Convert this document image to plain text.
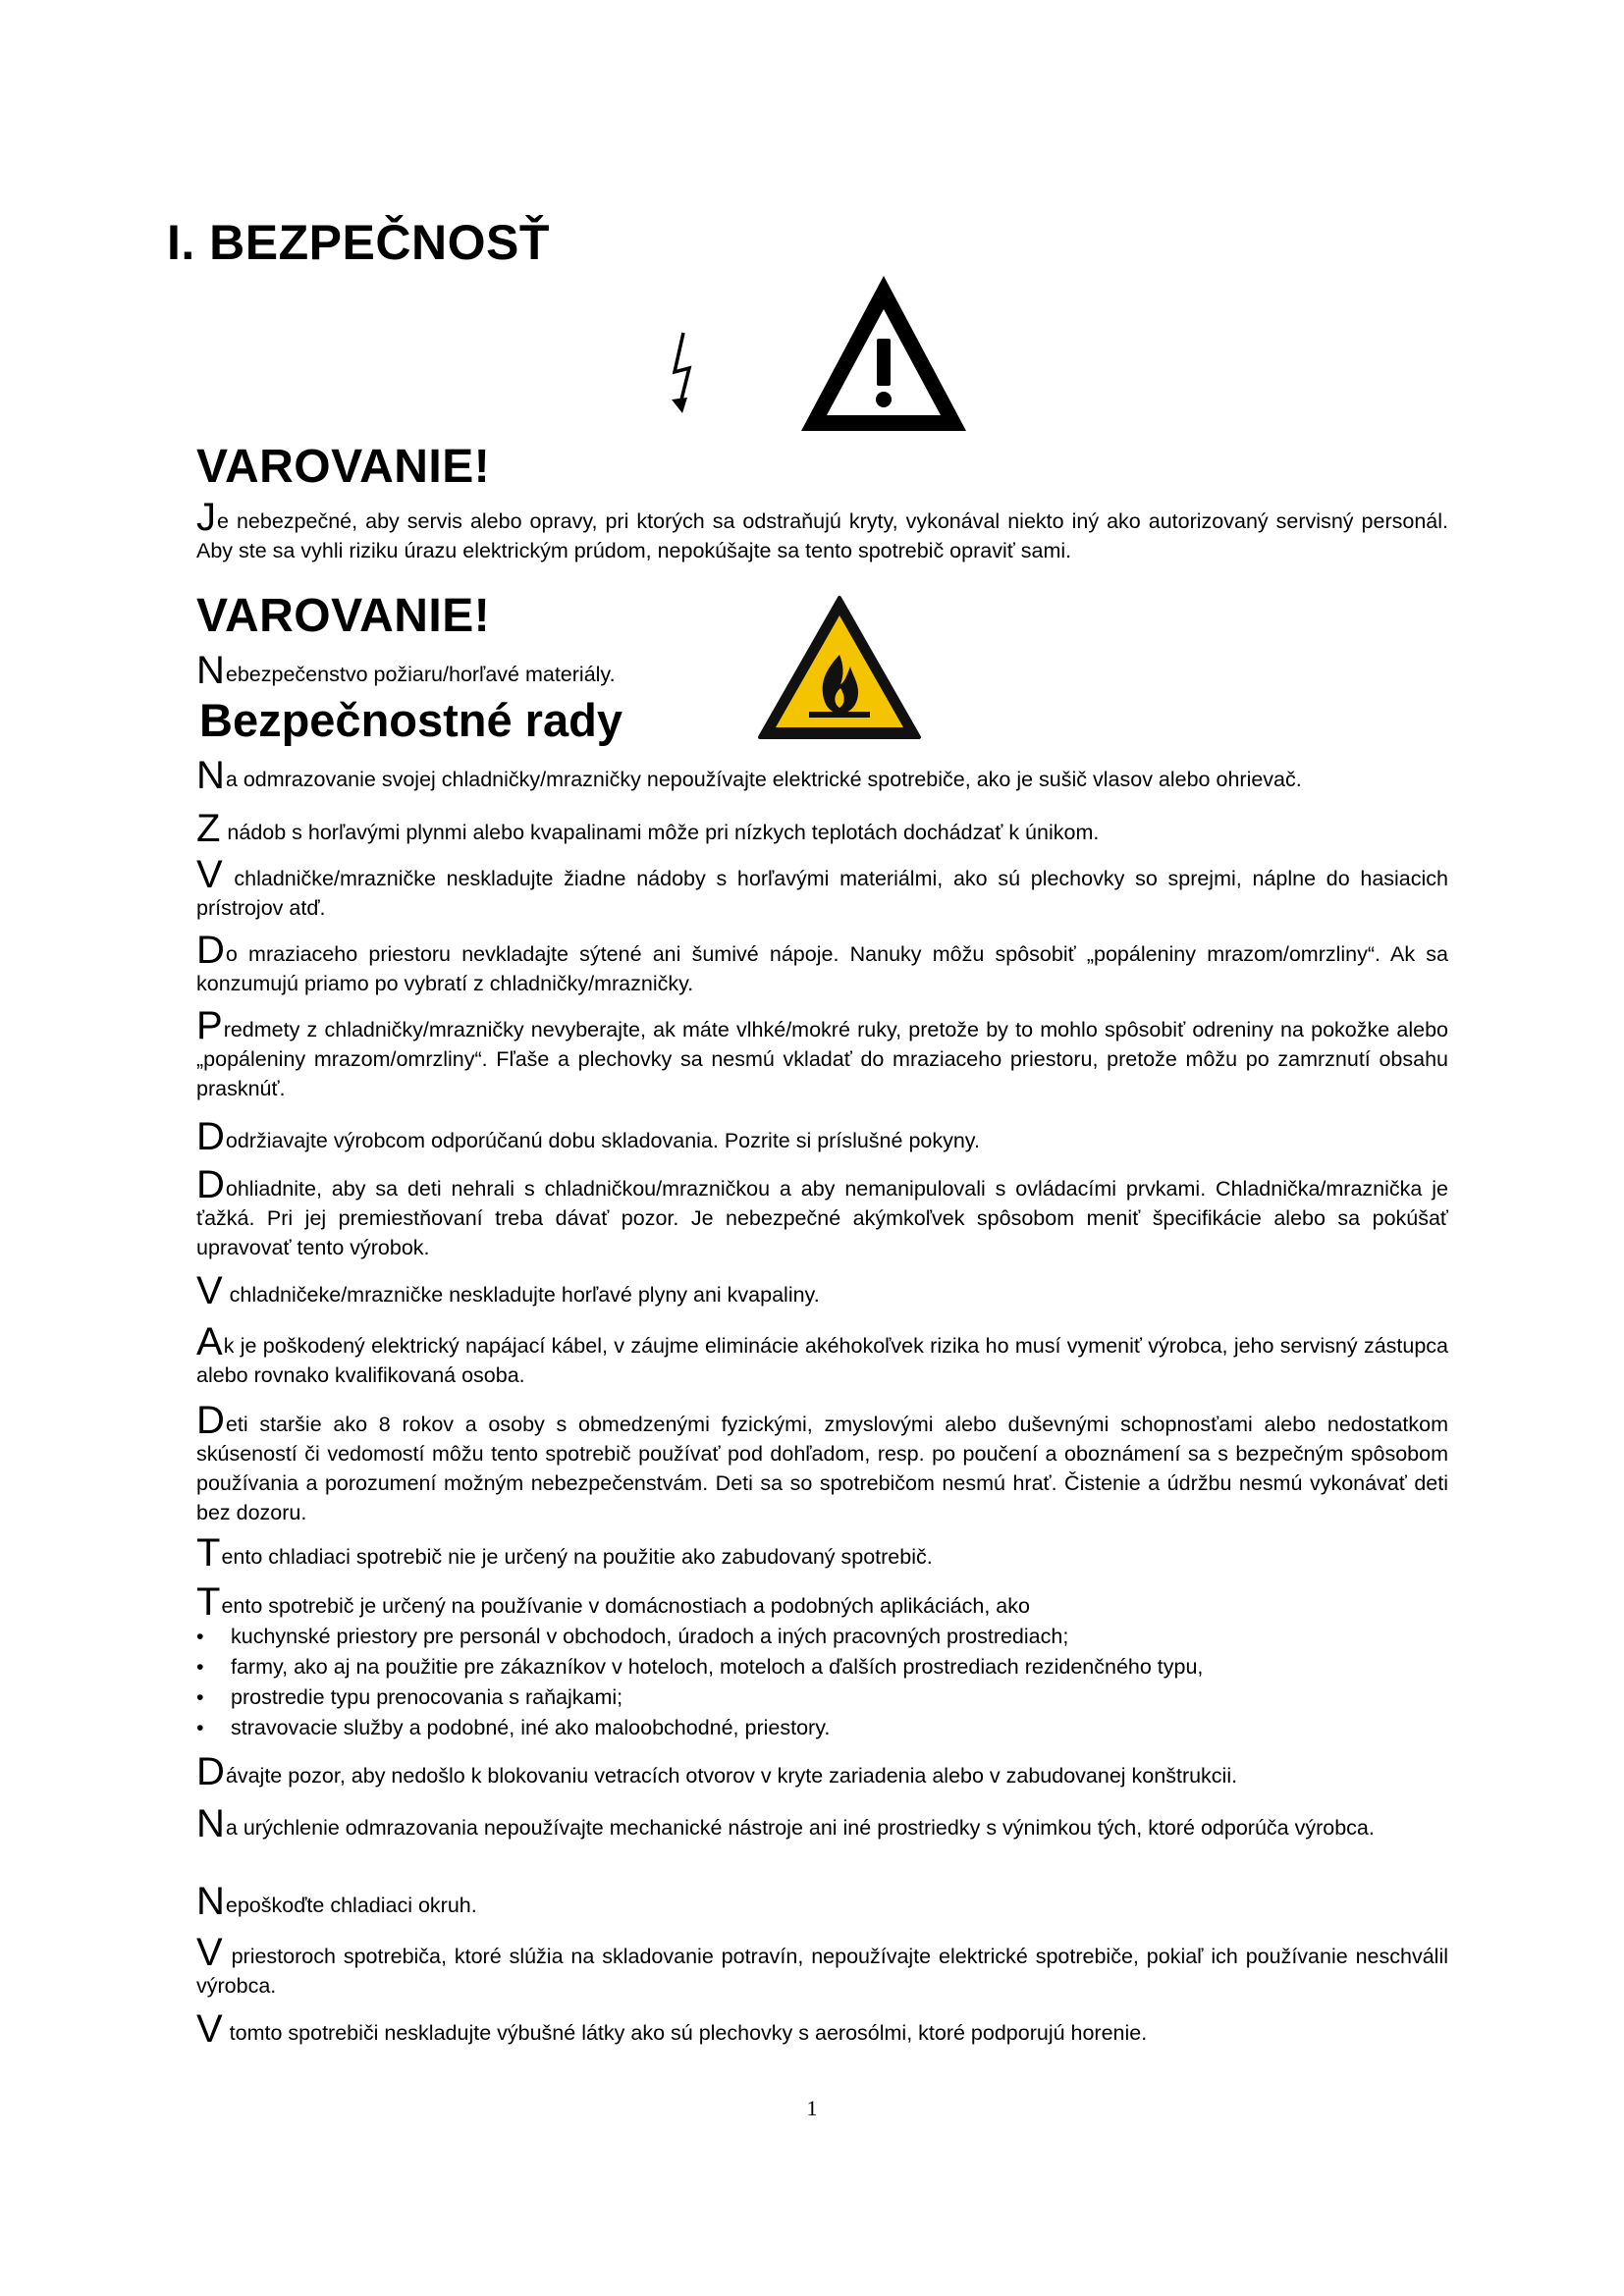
I. BEZPEČNOSŤ
VAROVANIE!
Je nebezpečné, aby servis alebo opravy, pri ktorých sa odstraňujú kryty, vykonával niekto iný ako autorizovaný servisný personál. Aby ste sa vyhli riziku úrazu elektrickým prúdom, nepokúšajte sa tento spotrebič opraviť sami.
VAROVANIE!
Nebezpečenstvo požiaru/horľavé materiály.
Bezpečnostné rady
Na odmrazovanie svojej chladničky/mrazničky nepoužívajte elektrické spotrebiče, ako je sušič vlasov alebo ohrievač.
Z nádob s horľavými plynmi alebo kvapalinami môže pri nízkych teplotách dochádzať k únikom.
V chladničke/mrazničke neskladujte žiadne nádoby s horľavými materiálmi, ako sú plechovky so sprejmi, náplne do hasiacich prístrojov atď.
Do mraziaceho priestoru nevkladajte sýtené ani šumivé nápoje. Nanuky môžu spôsobiť „popáleniny mrazom/omrzliny“. Ak sa konzumujú priamo po vybratí z chladničky/mrazničky.
Predmety z chladničky/mrazničky nevyberajte, ak máte vlhké/mokré ruky, pretože by to mohlo spôsobiť odreniny na pokožke alebo „popáleniny mrazom/omrzliny“. Fľaše a plechovky sa nesmú vkladať do mraziaceho priestoru, pretože môžu po zamrznutí obsahu prasknúť.
Dodržiavajte výrobcom odporúčanú dobu skladovania. Pozrite si príslušné pokyny.
Dohliadnite, aby sa deti nehrali s chladničkou/mrazničkou a aby nemanipulovali s ovládacími prvkami. Chladnička/mraznička je ťažká. Pri jej premiestňovaní treba dávať pozor. Je nebezpečné akýmkoľvek spôsobom meniť špecifikácie alebo sa pokúšať upravovať tento výrobok.
V chladničeke/mrazničke neskladujte horľavé plyny ani kvapaliny.
Ak je poškodený elektrický napájací kábel, v záujme eliminácie akéhokoľvek rizika ho musí vymeniť výrobca, jeho servisný zástupca alebo rovnako kvalifikovaná osoba.
Deti staršie ako 8 rokov a osoby s obmedzenými fyzickými, zmyslovými alebo duševnými schopnosťami alebo nedostatkom skúseností či vedomostí môžu tento spotrebič používať pod dohľadom, resp. po poučení a oboznámení sa s bezpečným spôsobom používania a porozumení možným nebezpečenstvám. Deti sa so spotrebičom nesmú hrať. Čistenie a údržbu nesmú vykonávať deti bez dozoru.
Tento chladiaci spotrebič nie je určený na použitie ako zabudovaný spotrebič.
Tento spotrebič je určený na používanie v domácnostiach a podobných aplikáciách, ako
• kuchynské priestory pre personál v obchodoch, úradoch a iných pracovných prostrediach;
• farmy, ako aj na použitie pre zákazníkov v hoteloch, moteloch a ďalších prostrediach rezidenčného typu,
• prostredie typu prenocovania s raňajkami;
• stravovacie služby a podobné, iné ako maloobchodné, priestory.
Dávajte pozor, aby nedošlo k blokovaniu vetracích otvorov v kryte zariadenia alebo v zabudovanej konštrukcii.
Na urýchlenie odmrazovania nepoužívajte mechanické nástroje ani iné prostriedky s výnimkou tých, ktoré odporúča výrobca.
Nepoškoďte chladiaci okruh.
V priestoroch spotrebiča, ktoré slúžia na skladovanie potravín, nepoužívajte elektrické spotrebiče, pokiaľ ich používanie neschválil výrobca.
V tomto spotrebiči neskladujte výbušné látky ako sú plechovky s aerosólmi, ktoré podporujú horenie.
1
